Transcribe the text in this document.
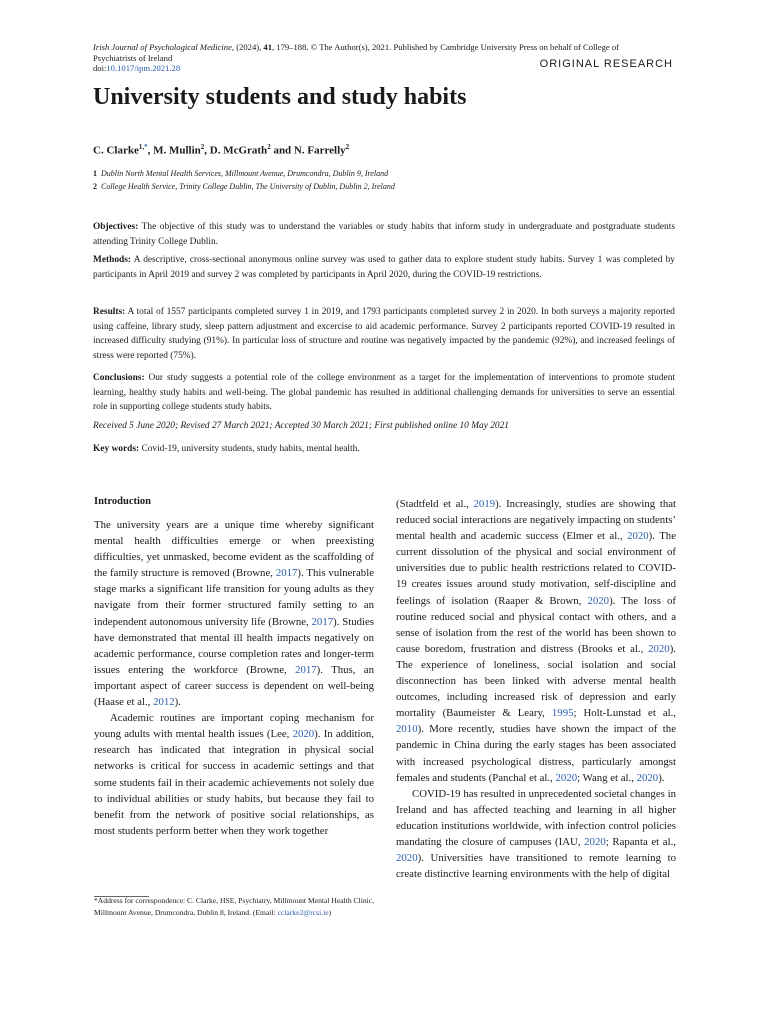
Irish Journal of Psychological Medicine, (2024), 41, 179–188. © The Author(s), 2021. Published by Cambridge University Press on behalf of College of
Psychiatrists of Ireland
doi:10.1017/ipm.2021.28	ORIGINAL RESEARCH
University students and study habits
C. Clarke$^{1,*}$, M. Mullin$^2$, D. McGrath$^2$ and N. Farrelly$^2$
1 Dublin North Mental Health Services, Millmount Avenue, Drumcondra, Dublin 9, Ireland
2 College Health Service, Trinity College Dublin, The University of Dublin, Dublin 2, Ireland

Objectives: The objective of this study was to understand the variables or study habits that inform study in undergraduate and postgraduate students attending Trinity College Dublin.

Methods: A descriptive, cross-sectional anonymous online survey was used to gather data to explore student study habits. Survey 1 was completed by participants in April 2019 and survey 2 was completed by participants in April 2020, during the COVID-19 restrictions.

Results: A total of 1557 participants completed survey 1 in 2019, and 1793 participants completed survey 2 in 2020. In both surveys a majority reported using caffeine, library study, sleep pattern adjustment and excercise to aid academic performance. Survey 2 participants reported COVID-19 resulted in increased difficulty studying (91%). In particular loss of structure and routine was negatively impacted by the pandemic (92%), and increased feelings of stress were reported (75%).

Conclusions: Our study suggests a potential role of the college environment as a target for the implementation of interventions to promote student learning, healthy study habits and well-being. The global pandemic has resulted in additional challenging demands for universities to serve an essential role in supporting college students study habits.

Received 5 June 2020; Revised 27 March 2021; Accepted 30 March 2021; First published online 10 May 2021
Key words: Covid-19, university students, study habits, mental health.
Introduction

The university years are a unique time whereby significant mental health difficulties emerge or when preexisting difficulties, yet unmasked, become evident as the scaffolding of the family structure is removed (Browne, 2017). This vulnerable stage marks a significant life transition for young adults as they navigate from their former structured family setting to an independent autonomous university life (Browne, 2017). Studies have demonstrated that mental ill health impacts negatively on academic performance, course completion rates and longer-term issues entering the workforce (Browne, 2017). Thus, an important aspect of career success is dependent on well-being (Haase et al., 2012).

Academic routines are important coping mechanism for young adults with mental health issues (Lee, 2020). In addition, research has indicated that integration in physical social networks is critical for success in academic settings and that some students fail in their academic achievements not solely due to individual abilities or study habits, but because they fail to benefit from the network of positive social relationships, as most students perform better when they work together

*Address for correspondence: C. Clarke, HSE, Psychiatry, Millmount Mental Health Clinic, Millmount Avenue, Drumcondra, Dublin 8, Ireland. (Email: cclarke2@rcsi.ie)

(Stadtfeld et al., 2019). Increasingly, studies are showing that reduced social interactions are negatively impacting on students’ mental health and academic success (Elmer et al., 2020). The current dissolution of the physical and social environment of universities due to public health restrictions related to COVID-19 creates issues around study motivation, self-discipline and feelings of isolation (Raaper & Brown, 2020). The loss of routine reduced social and physical contact with others, and a sense of isolation from the rest of the world has been shown to cause boredom, frustration and distress (Brooks et al., 2020). The experience of loneliness, social isolation and social disconnection has been linked with adverse mental health outcomes, including increased risk of depression and early mortality (Baumeister & Leary, 1995; Holt-Lunstad et al., 2010). More recently, studies have shown the impact of the pandemic in China during the early stages has been associated with increased psychological distress, particularly amongst females and students (Panchal et al., 2020; Wang et al., 2020).

COVID-19 has resulted in unprecedented societal changes in Ireland and has affected teaching and learning in all higher education institutions worldwide, with infection control policies mandating the closure of campuses (IAU, 2020; Rapanta et al., 2020). Universities have transitioned to remote learning to create distinctive learning environments with the help of digital
